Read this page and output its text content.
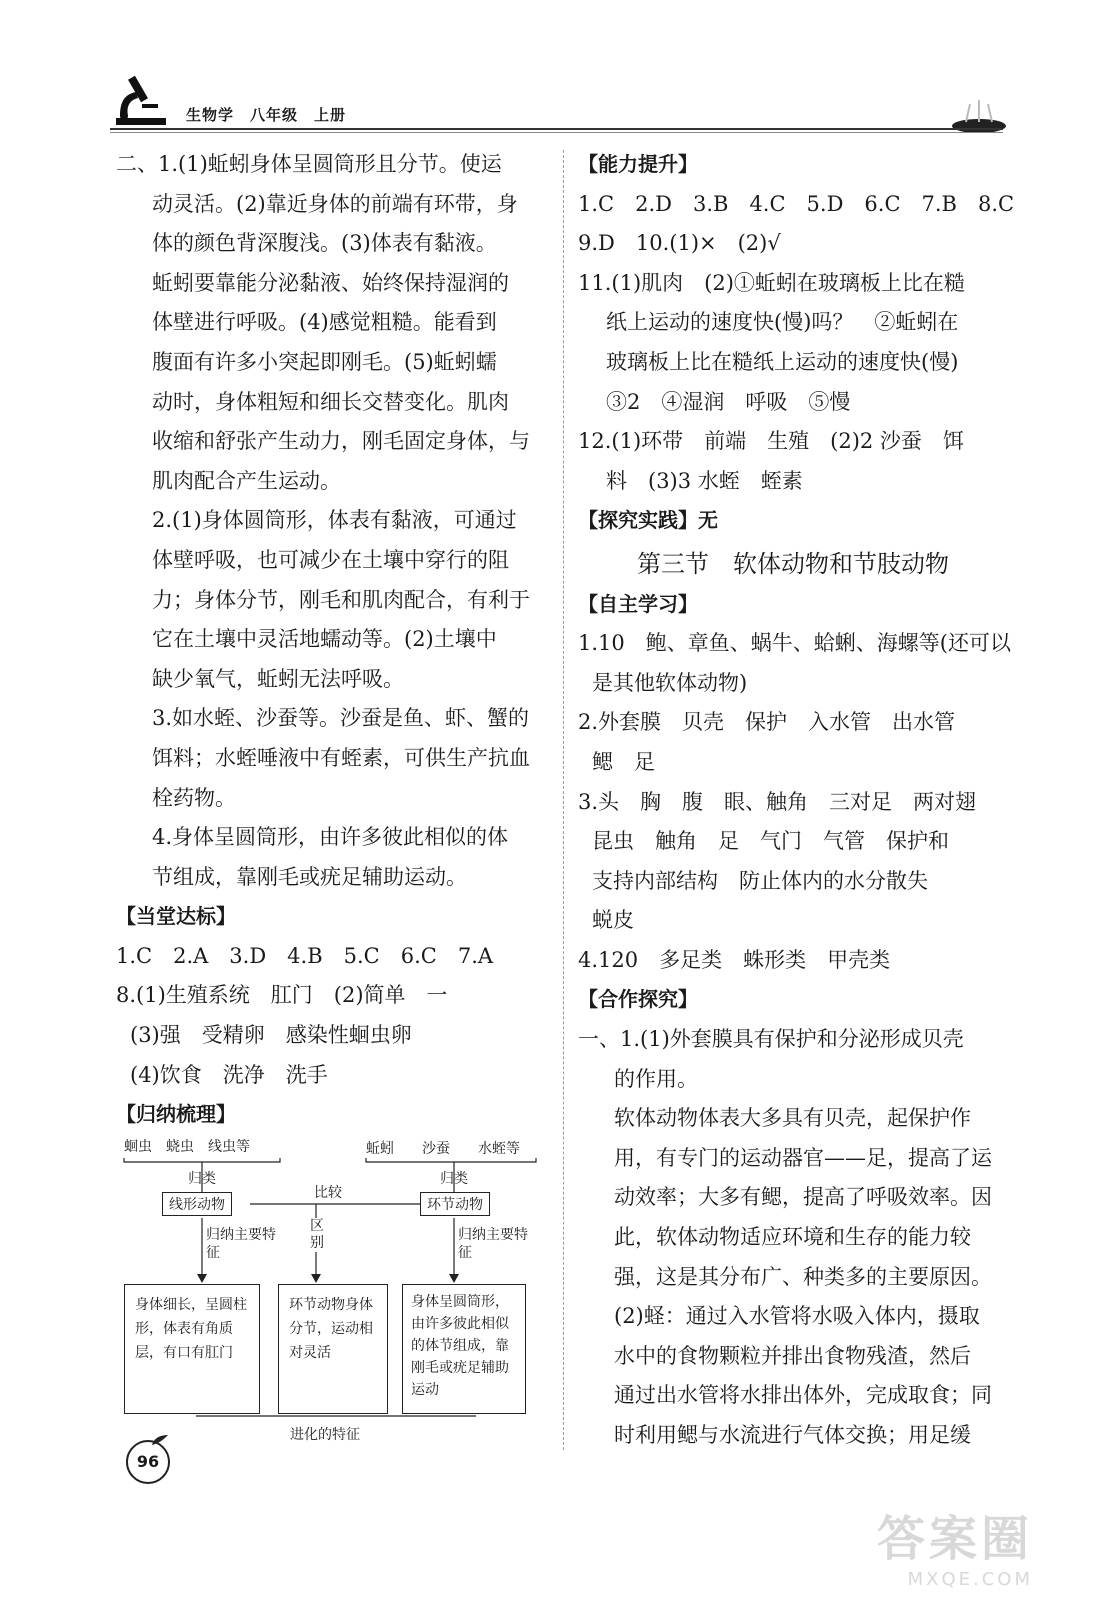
生物学　八年级　上册
二、1.(1)蚯蚓身体呈圆筒形且分节。使运
动灵活。(2)靠近身体的前端有环带，身
体的颜色背深腹浅。(3)体表有黏液。
蚯蚓要靠能分泌黏液、始终保持湿润的
体壁进行呼吸。(4)感觉粗糙。能看到
腹面有许多小突起即刚毛。(5)蚯蚓蠕
动时，身体粗短和细长交替变化。肌肉
收缩和舒张产生动力，刚毛固定身体，与
肌肉配合产生运动。
2.(1)身体圆筒形，体表有黏液，可通过
体壁呼吸，也可减少在土壤中穿行的阻
力；身体分节，刚毛和肌肉配合，有利于
它在土壤中灵活地蠕动等。(2)土壤中
缺少氧气，蚯蚓无法呼吸。
3.如水蛭、沙蚕等。沙蚕是鱼、虾、蟹的
饵料；水蛭唾液中有蛭素，可供生产抗血
栓药物。
4.身体呈圆筒形，由许多彼此相似的体
节组成，靠刚毛或疣足辅助运动。
【当堂达标】
1.C　2.A　3.D　4.B　5.C　6.C　7.A
8.(1)生殖系统　肛门　(2)简单　一
(3)强　受精卵　感染性蛔虫卵
(4)饮食　洗净　洗手
【归纳梳理】
蛔虫　蛲虫　线虫等	蚯蚓　　沙蚕　　水蛭等
归类	归类
线形动物	环节动物
比较
区别
归纳主要特征
归纳主要特征
身体细长，呈圆柱形，体表有角质层，有口有肛门
环节动物身体分节，运动相对灵活
身体呈圆筒形，由许多彼此相似的体节组成，靠刚毛或疣足辅助运动
进化的特征
【能力提升】
1.C　2.D　3.B　4.C　5.D　6.C　7.B　8.C
9.D　10.(1)×　(2)√
11.(1)肌肉　(2)①蚯蚓在玻璃板上比在糙
纸上运动的速度快(慢)吗？　②蚯蚓在
玻璃板上比在糙纸上运动的速度快(慢)
③2　④湿润　呼吸　⑤慢
12.(1)环带　前端　生殖　(2)2 沙蚕　饵
料　(3)3 水蛭　蛭素
【探究实践】无
第三节　软体动物和节肢动物
【自主学习】
1.10　鲍、章鱼、蜗牛、蛤蜊、海螺等(还可以
是其他软体动物)
2.外套膜　贝壳　保护　入水管　出水管
鳃　足
3.头　胸　腹　眼、触角　三对足　两对翅
昆虫　触角　足　气门　气管　保护和
支持内部结构　防止体内的水分散失
蜕皮
4.120　多足类　蛛形类　甲壳类
【合作探究】
一、1.(1)外套膜具有保护和分泌形成贝壳
的作用。
软体动物体表大多具有贝壳，起保护作
用，有专门的运动器官——足，提高了运
动效率；大多有鳃，提高了呼吸效率。因
此，软体动物适应环境和生存的能力较
强，这是其分布广、种类多的主要原因。
(2)蛏：通过入水管将水吸入体内，摄取
水中的食物颗粒并排出食物残渣，然后
通过出水管将水排出体外，完成取食；同
时利用鳃与水流进行气体交换；用足缓
96
答案圈
MXQE.COM
